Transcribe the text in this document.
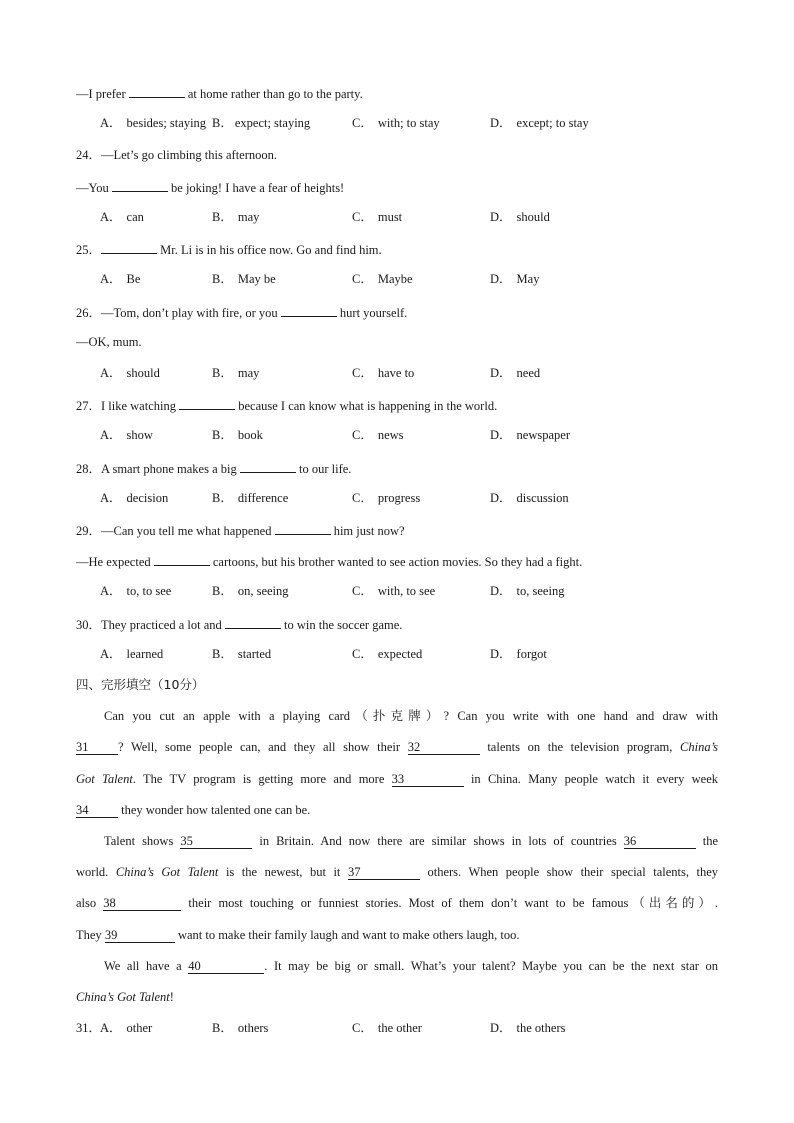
—I prefer	at home rather than go to the party.
A． besides; staying B． expect; staying	C． with; to stay	D． except; to stay
24．—Let’s go climbing this afternoon.
—You	be joking! I have a fear of heights!
A． can	B． may	C． must	D． should
25．	Mr. Li is in his office now. Go and find him.
A． Be	B． May be	C． Maybe	D． May
26．—Tom, don’t play with fire, or you	hurt yourself.
—OK, mum.
A． should	B． may	C． have to	D． need
27．I like watching	because I can know what is happening in the world.
A． show	B． book	C． news	D． newspaper
28．A smart phone makes a big	to our life.
A． decision	B． difference	C． progress	D． discussion
29．—Can you tell me what happened	him just now?
—He expected	cartoons, but his brother wanted to see action movies. So they had a fight.
A． to, to see	B． on, seeing	C． with, to see	D． to, seeing
30．They practiced a lot and	to win the soccer game.
A． learned	B． started	C． expected	D． forgot
四、完形填空（10分）
Can you cut an apple with a playing card（扑克牌）? Can you write with one hand and draw with
31 ? Well, some people can, and they all show their 32	talents on the television program, China’s
Got Talent. The TV program is getting more and more 33	in China. Many people watch it every week
34	they wonder how talented one can be.
Talent shows 35	in Britain. And now there are similar shows in lots of countries 36	the
world. China’s Got Talent is the newest, but it 37	others. When people show their special talents, they
also 38	their most touching or funniest stories. Most of them don’t want to be famous（出名的）.
They 39	want to make their family laugh and want to make others laugh, too.
We all have a 40	. It may be big or small. What’s your talent? Maybe you can be the next star on
China’s Got Talent!
31．
A． other	B． others	C． the other	D． the others
